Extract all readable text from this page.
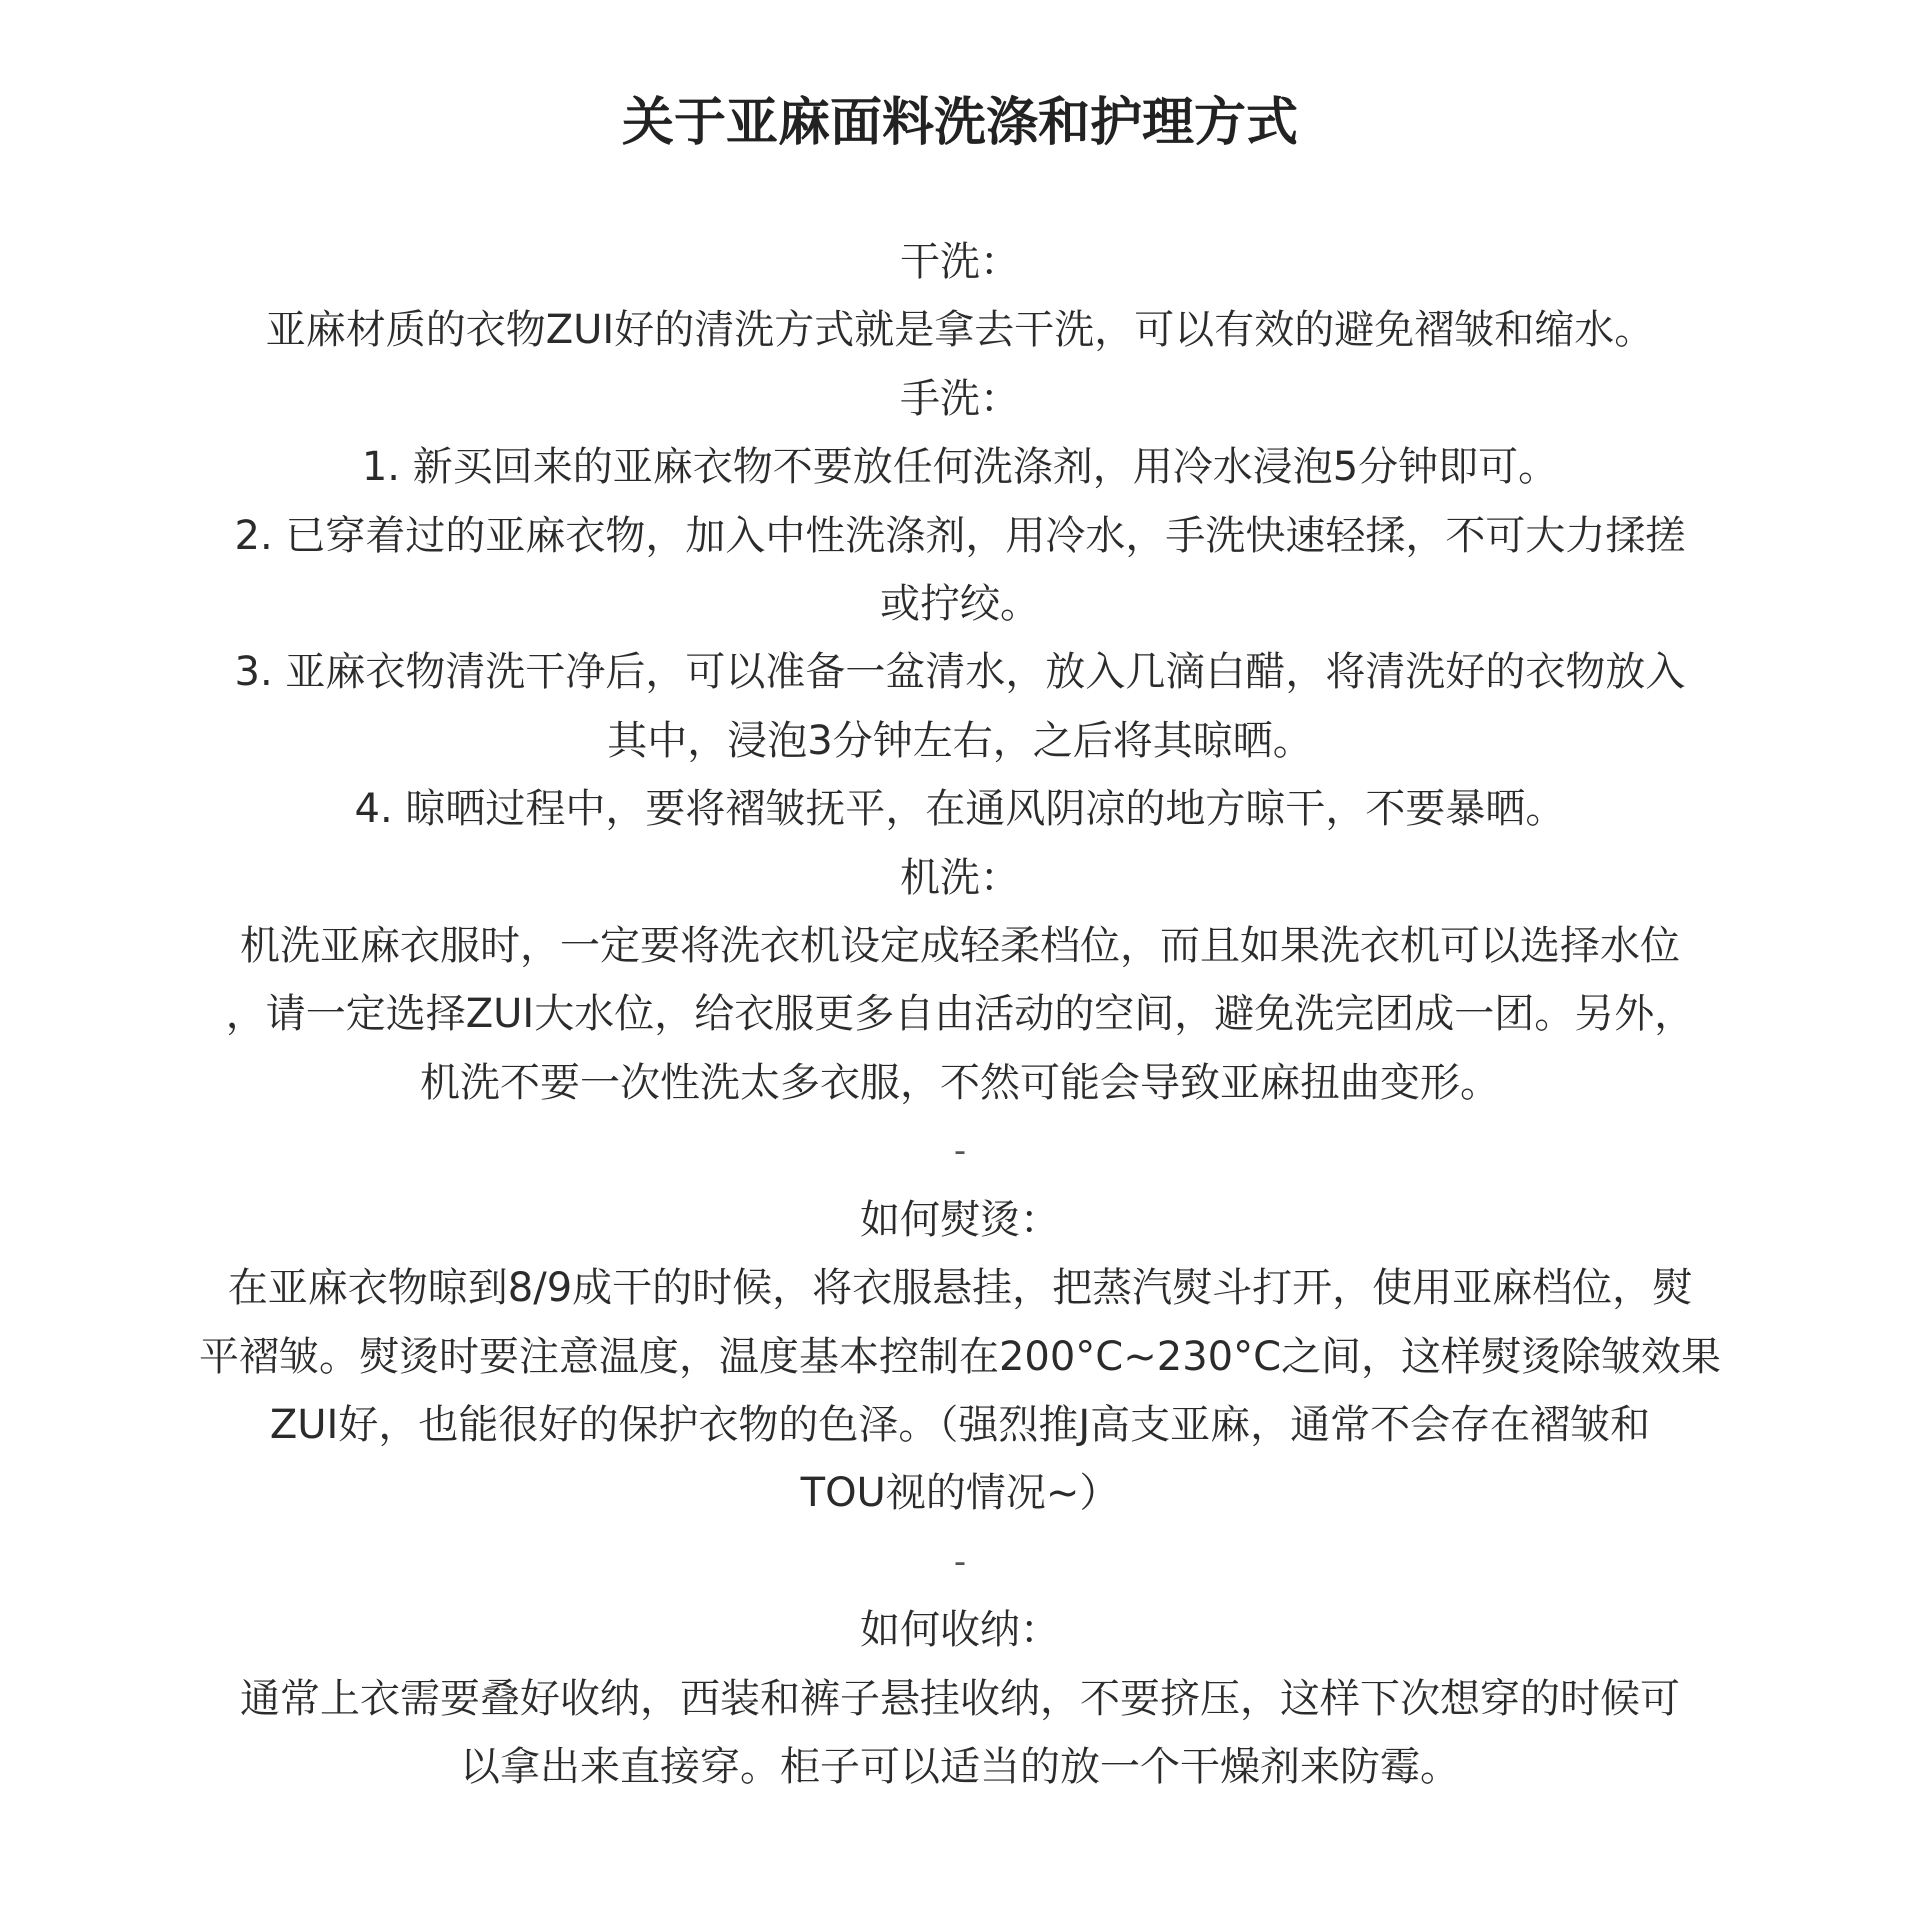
关于亚麻面料洗涤和护理方式

干洗：

亚麻材质的衣物ZUI好的清洗方式就是拿去干洗，可以有效的避免褶皱和缩水。

手洗：

1. 新买回来的亚麻衣物不要放任何洗涤剂，用冷水浸泡5分钟即可。

2. 已穿着过的亚麻衣物，加入中性洗涤剂，用冷水，手洗快速轻揉，不可大力揉搓

或拧绞。

3. 亚麻衣物清洗干净后，可以准备一盆清水，放入几滴白醋，将清洗好的衣物放入

其中，浸泡3分钟左右，之后将其晾晒。

4. 晾晒过程中，要将褶皱抚平，在通风阴凉的地方晾干，不要暴晒。

机洗：

机洗亚麻衣服时，一定要将洗衣机设定成轻柔档位，而且如果洗衣机可以选择水位

，请一定选择ZUI大水位，给衣服更多自由活动的空间，避免洗完团成一团。另外，

机洗不要一次性洗太多衣服，不然可能会导致亚麻扭曲变形。

-

如何熨烫：

在亚麻衣物晾到8/9成干的时候，将衣服悬挂，把蒸汽熨斗打开，使用亚麻档位，熨

平褶皱。熨烫时要注意温度，温度基本控制在200°C~230°C之间，这样熨烫除皱效果

ZUI好，也能很好的保护衣物的色泽。（强烈推J高支亚麻，通常不会存在褶皱和

TOU视的情况~）

-

如何收纳：

通常上衣需要叠好收纳，西装和裤子悬挂收纳，不要挤压，这样下次想穿的时候可

以拿出来直接穿。柜子可以适当的放一个干燥剂来防霉。
